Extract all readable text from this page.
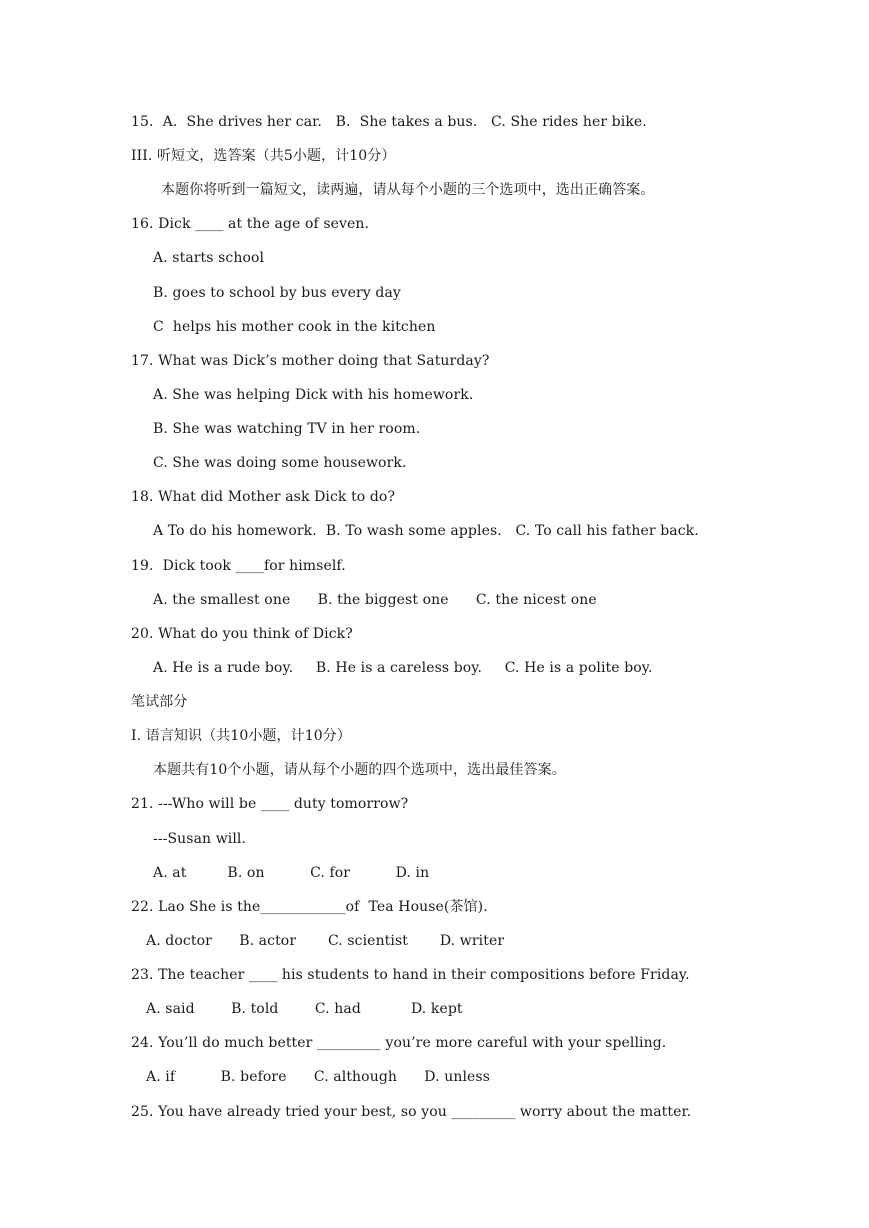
15.  A.  She drives her car.   B.  She takes a bus.   C. She rides her bike.
III. 听短文，选答案（共5小题，计10分）
本题你将听到一篇短文，读两遍，请从每个小题的三个选项中，选出正确答案。
16. Dick ____ at the age of seven.
A. starts school
B. goes to school by bus every day
C  helps his mother cook in the kitchen
17. What was Dick’s mother doing that Saturday?
A. She was helping Dick with his homework.
B. She was watching TV in her room.
C. She was doing some housework.
18. What did Mother ask Dick to do?
A To do his homework.  B. To wash some apples.   C. To call his father back.
19.  Dick took ____for himself.
A. the smallest one      B. the biggest one      C. the nicest one
20. What do you think of Dick?
A. He is a rude boy.     B. He is a careless boy.     C. He is a polite boy.
笔试部分
I. 语言知识（共10小题，计10分）
本题共有10个小题，请从每个小题的四个选项中，选出最佳答案。
21. ---Who will be ____ duty tomorrow?
---Susan will.
A. at         B. on          C. for          D. in
22. Lao She is the____________of  Tea House(茶馆).
A. doctor      B. actor       C. scientist       D. writer
23. The teacher ____ his students to hand in their compositions before Friday.
A. said        B. told        C. had           D. kept
24. You’ll do much better _________ you’re more careful with your spelling.
A. if          B. before      C. although      D. unless
25. You have already tried your best, so you _________ worry about the matter.
